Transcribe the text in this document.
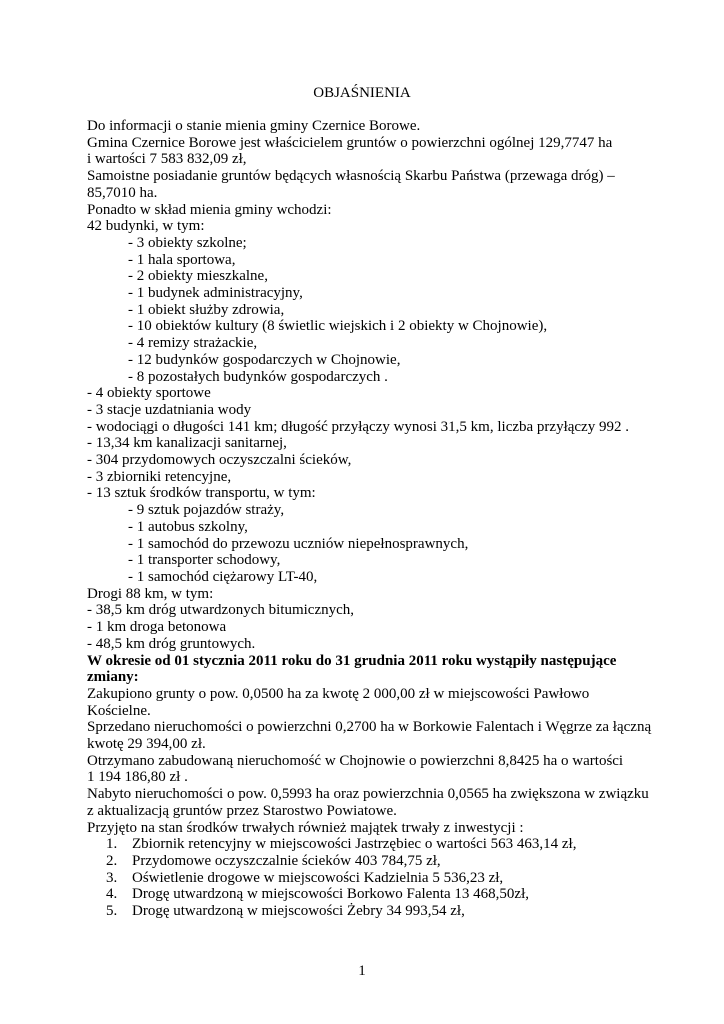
OBJAŚNIENIA
Do informacji o stanie mienia gminy Czernice Borowe.
Gmina Czernice Borowe jest właścicielem gruntów o powierzchni ogólnej 129,7747 ha
i wartości 7 583 832,09 zł,
Samoistne posiadanie gruntów będących własnością Skarbu Państwa (przewaga dróg) –
85,7010 ha.
Ponadto w skład mienia gminy wchodzi:
42 budynki, w tym:
- 3 obiekty szkolne;
- 1 hala sportowa,
- 2 obiekty mieszkalne,
- 1 budynek administracyjny,
- 1 obiekt służby zdrowia,
- 10 obiektów kultury (8 świetlic wiejskich i 2 obiekty w Chojnowie),
- 4 remizy strażackie,
- 12 budynków gospodarczych w Chojnowie,
- 8 pozostałych budynków gospodarczych .
- 4 obiekty sportowe
- 3 stacje uzdatniania wody
- wodociągi o długości 141 km; długość przyłączy wynosi 31,5 km, liczba przyłączy 992 .
- 13,34 km kanalizacji sanitarnej,
- 304 przydomowych oczyszczalni ścieków,
- 3 zbiorniki retencyjne,
- 13 sztuk środków transportu, w tym:
- 9 sztuk pojazdów straży,
- 1 autobus szkolny,
- 1 samochód do przewozu uczniów niepełnosprawnych,
- 1 transporter schodowy,
- 1 samochód ciężarowy LT-40,
Drogi 88 km, w tym:
- 38,5 km dróg utwardzonych bitumicznych,
- 1 km droga betonowa
- 48,5 km dróg gruntowych.
W okresie od 01 stycznia 2011 roku do 31 grudnia 2011 roku wystąpiły następujące
zmiany:
Zakupiono grunty o pow. 0,0500 ha za kwotę 2 000,00 zł w miejscowości Pawłowo
Kościelne.
Sprzedano nieruchomości o powierzchni 0,2700 ha w Borkowie Falentach i Węgrze za łączną
kwotę 29 394,00 zł.
Otrzymano zabudowaną nieruchomość w Chojnowie o powierzchni 8,8425 ha o wartości
1 194 186,80 zł .
Nabyto nieruchomości o pow. 0,5993 ha oraz powierzchnia 0,0565 ha zwiększona w związku
z aktualizacją gruntów przez Starostwo Powiatowe.
Przyjęto na stan środków trwałych również majątek trwały z inwestycji :
1. Zbiornik retencyjny w miejscowości Jastrzębiec o wartości 563 463,14 zł,
2. Przydomowe oczyszczalnie ścieków 403 784,75 zł,
3. Oświetlenie drogowe w miejscowości Kadzielnia 5 536,23 zł,
4. Drogę utwardzoną w miejscowości Borkowo Falenta 13 468,50zł,
5. Drogę utwardzoną w miejscowości Żebry 34 993,54 zł,
1
